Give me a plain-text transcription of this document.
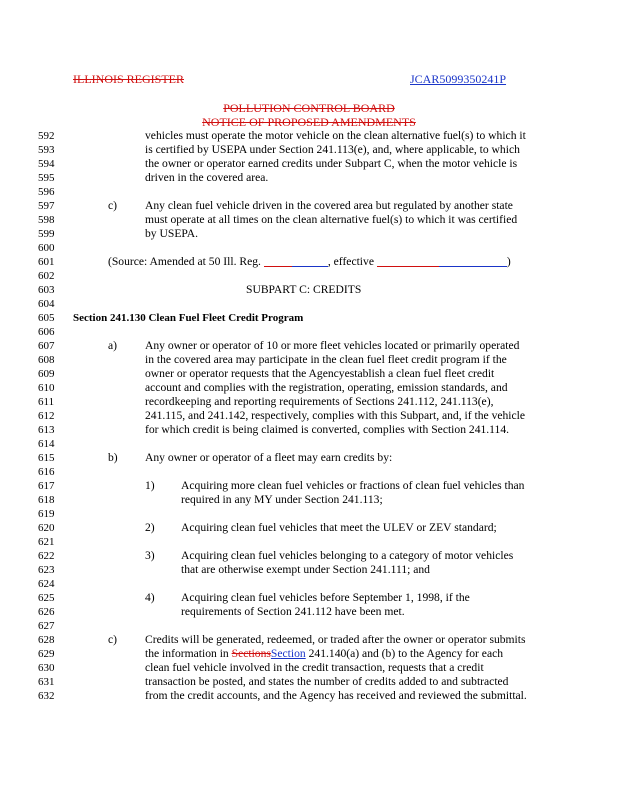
ILLINOIS REGISTER	JCAR5099350241P
POLLUTION CONTROL BOARD
NOTICE OF PROPOSED AMENDMENTS
592
593
594
595
596
597
598
599
600
601
602
603
604
605
606
607
608
609
610
611
612
613
614
615
616
617
618
619
620
621
622
623
624
625
626
627
628
629
630
631
632
vehicles must operate the motor vehicle on the clean alternative fuel(s) to which it
is certified by USEPA under Section 241.113(e), and, where applicable, to which
the owner or operator earned credits under Subpart C, when the motor vehicle is
driven in the covered area.
c) Any clean fuel vehicle driven in the covered area but regulated by another state
must operate at all times on the clean alternative fuel(s) to which it was certified
by USEPA.
(Source: Amended at 50 Ill. Reg.	, effective	)
SUBPART C: CREDITS
Section 241.130 Clean Fuel Fleet Credit Program
a) Any owner or operator of 10 or more fleet vehicles located or primarily operated
in the covered area may participate in the clean fuel fleet credit program if the
owner or operator requests that the Agencyestablish a clean fuel fleet credit
account and complies with the registration, operating, emission standards, and
recordkeeping and reporting requirements of Sections 241.112, 241.113(e),
241.115, and 241.142, respectively, complies with this Subpart, and, if the vehicle
for which credit is being claimed is converted, complies with Section 241.114.
b) Any owner or operator of a fleet may earn credits by:
1) Acquiring more clean fuel vehicles or fractions of clean fuel vehicles than
required in any MY under Section 241.113;
2) Acquiring clean fuel vehicles that meet the ULEV or ZEV standard;
3) Acquiring clean fuel vehicles belonging to a category of motor vehicles
that are otherwise exempt under Section 241.111; and
4) Acquiring clean fuel vehicles before September 1, 1998, if the
requirements of Section 241.112 have been met.
c) Credits will be generated, redeemed, or traded after the owner or operator submits
the information in SectionsSection 241.140(a) and (b) to the Agency for each
clean fuel vehicle involved in the credit transaction, requests that a credit
transaction be posted, and states the number of credits added to and subtracted
from the credit accounts, and the Agency has received and reviewed the submittal.
